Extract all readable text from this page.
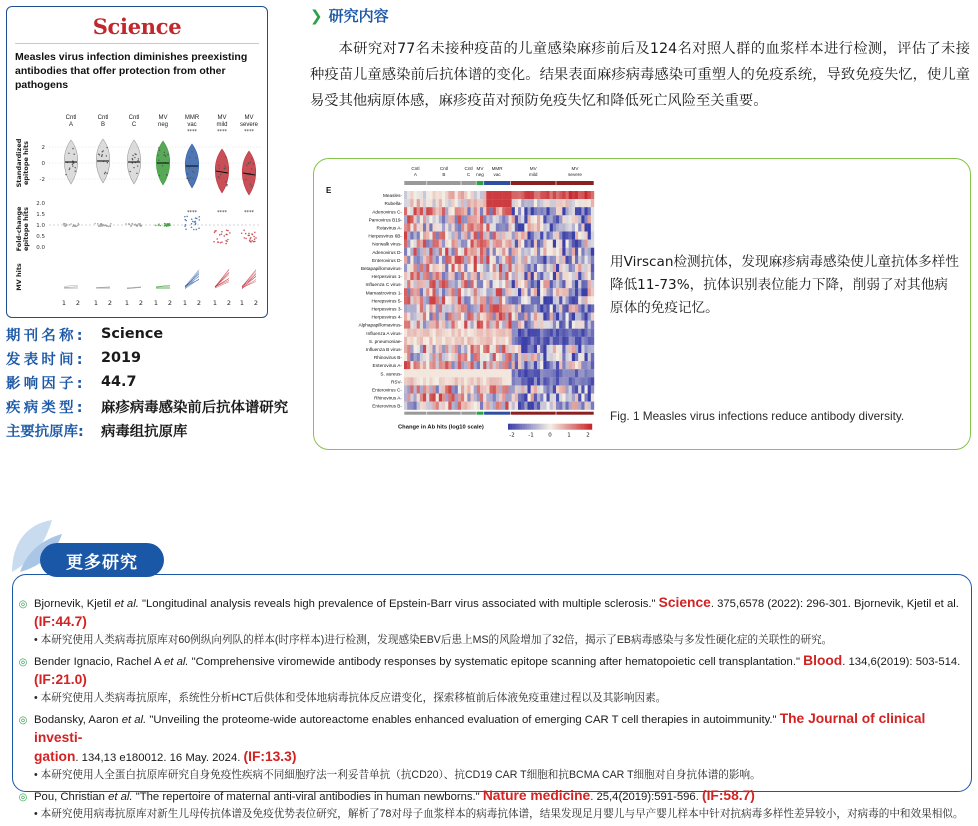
Science
Measles virus infection diminishes preexisting antibodies that offer protection from other pathogens
Cntl
A
Cntl
B
Cntl
C
MV
neg
MMR
vac
MV
mild
MV
severe
****	****	****
Standardized epitope hits
Fold-change epitope hits
MV hits
2
0
-2
2.0
1.5
1.0
0.5
0.0
****	****	****
1 2 1 2 1 2 1 2 1 2 1 2 1 2
期刊名称:	Science
发表时间:	2019
影响因子:	44.7
疾病类型:	麻疹病毒感染前后抗体谱研究
主要抗原库:	病毒组抗原库
❯ 研究内容
本研究对77名未接种疫苗的儿童感染麻疹前后及124名对照人群的血浆样本进行检测，评估了未接种疫苗儿童感染前后抗体谱的变化。结果表面麻疹病毒感染可重塑人的免疫系统，导致免疫失忆，使儿童易受其他病原体感，麻疹疫苗对预防免疫失忆和降低死亡风险至关重要。
E
Cntl
A
Cntl
B
Cntl
C
MV
neg
MMR
vac
MV
mild
MV
severe
Measles-
Rubella-
Adenovirus C-
Parvovirus B19-
Rotavirus A-
Herpesvirus 6B-
Norwalk virus-
Adenovirus D-
Enterovirus D-
Betapapillomavirus-
Herpesvirus 1-
Influenza C virus-
Mamastrovirus 1-
Herepsvirus 5-
Herpesvirus 3-
Herpesvirus 4-
Alphapapillomavirus-
Influenza A virus-
S. pneumoniae-
Influenza B virus-
Rhinovirus B-
Enterovirus A-
S. aureus-
RSV-
Enterovirus C-
Rhinovirus A-
Enterovirus B-
Change in Ab hits (log10 scale)
-2 -1	0	1	2
用Virscan检测抗体，发现麻疹病毒感染使儿童抗体多样性降低11-73%，抗体识别表位能力下降，削弱了对其他病原体的免疫记忆。
Fig. 1 Measles virus infections reduce antibody diversity.
更多研究
◎ Bjornevik, Kjetil et al. "Longitudinal analysis reveals high prevalence of Epstein-Barr virus associated with multiple sclerosis." Science. 375,6578 (2022): 296-301. Bjornevik, Kjetil et al. (IF:44.7)
• 本研究使用人类病毒抗原库对60例纵向列队的样本(时序样本)进行检测，发现感染EBV后患上MS的风险增加了32倍，揭示了EB病毒感染与多发性硬化症的关联性的研究。
◎ Bender Ignacio, Rachel A et al. "Comprehensive viromewide antibody responses by systematic epitope scanning after hematopoietic cell transplantation." Blood. 134,6(2019): 503-514. (IF:21.0)
• 本研究使用人类病毒抗原库，系统性分析HCT后供体和受体地病毒抗体反应谱变化，探索移植前后体液免疫重建过程以及其影响因素。
◎ Bodansky, Aaron et al. "Unveiling the proteome-wide autoreactome enables enhanced evaluation of emerging CAR T cell therapies in autoimmunity." The Journal of clinical investi-
gation. 134,13 e180012. 16 May. 2024. (IF:13.3)
• 本研究使用人全蛋白抗原库研究自身免疫性疾病不同細胞疗法一利妥昔单抗（抗CD20）、抗CD19 CAR T细胞和抗BCMA CAR T细胞对自身抗体谱的影响。
◎ Pou, Christian et al. "The repertoire of maternal anti-viral antibodies in human newborns." Nature medicine. 25,4(2019):591-596. (IF:58.7)
• 本研究使用病毒抗原库对新生儿母传抗体谱及免疫优势表位研究，解析了78对母子血浆样本的病毒抗体谱，结果发现足月婴儿与早产婴儿样本中针对抗病毒多样性差异较小，对病毒的中和效果相似。
